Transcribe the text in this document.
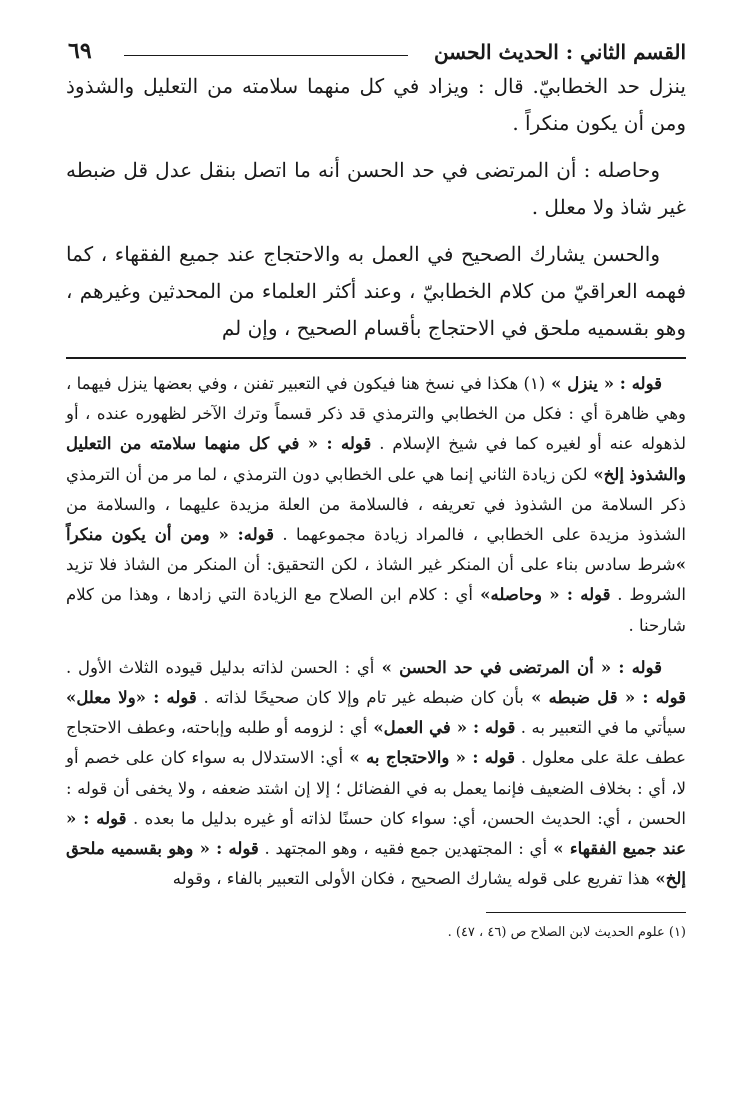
القسم الثاني : الحديث الحسن
٦٩

ينزل حد الخطابيّ. قال : ويزاد في كل منهما سلامته من التعليل والشذوذ ومن أن يكون منكراً .

وحاصله : أن المرتضى في حد الحسن أنه ما اتصل بنقل عدل قل ضبطه غير شاذ ولا معلل .

والحسن يشارك الصحيح في العمل به والاحتجاج عند جميع الفقهاء ، كما فهمه العراقيّ من كلام الخطابيّ ، وعند أكثر العلماء من المحدثين وغيرهم ، وهو بقسميه ملحق في الاحتجاج بأقسام الصحيح ، وإن لم

قوله : « ينزل » (١) هكذا في نسخ هنا فيكون في التعبير تفنن ، وفي بعضها ينزل فيهما ، وهي ظاهرة أي : فكل من الخطابي والترمذي قد ذكر قسماً وترك الآخر لظهوره عنده ، أو لذهوله عنه أو لغيره كما في شيخ الإسلام . قوله : « في كل منهما سلامته من التعليل والشذوذ إلخ» لكن زيادة الثاني إنما هي على الخطابي دون الترمذي ، لما مر من أن الترمذي ذكر السلامة من الشذوذ في تعريفه ، فالسلامة من العلة مزيدة عليهما ، والسلامة من الشذوذ مزيدة على الخطابي ، فالمراد زيادة مجموعهما . قوله: « ومن أن يكون منكراً »شرط سادس بناء على أن المنكر غير الشاذ ، لكن التحقيق: أن المنكر من الشاذ فلا تزيد الشروط . قوله : « وحاصله» أي : كلام ابن الصلاح مع الزيادة التي زادها ، وهذا من كلام شارحنا .

قوله : « أن المرتضى في حد الحسن » أي : الحسن لذاته بدليل قيوده الثلاث الأول . قوله : « قل ضبطه » بأن كان ضبطه غير تام وإلا كان صحيحًا لذاته . قوله : «ولا معلل» سيأتي ما في التعبير به . قوله : « في العمل» أي : لزومه أو طلبه وإباحته، وعطف الاحتجاج عطف علة على معلول . قوله : « والاحتجاج به » أي: الاستدلال به سواء كان على خصم أو لا، أي : بخلاف الضعيف فإنما يعمل به في الفضائل ؛ إلا إن اشتد ضعفه ، ولا يخفى أن قوله : الحسن ، أي: الحديث الحسن، أي: سواء كان حسنًا لذاته أو غيره بدليل ما بعده . قوله : « عند جميع الفقهاء » أي : المجتهدين جمع فقيه ، وهو المجتهد . قوله : « وهو بقسميه ملحق إلخ» هذا تفريع على قوله يشارك الصحيح ، فكان الأولى التعبير بالفاء ، وقوله

(١) علوم الحديث لابن الصلاح ص (٤٦ ، ٤٧) .
